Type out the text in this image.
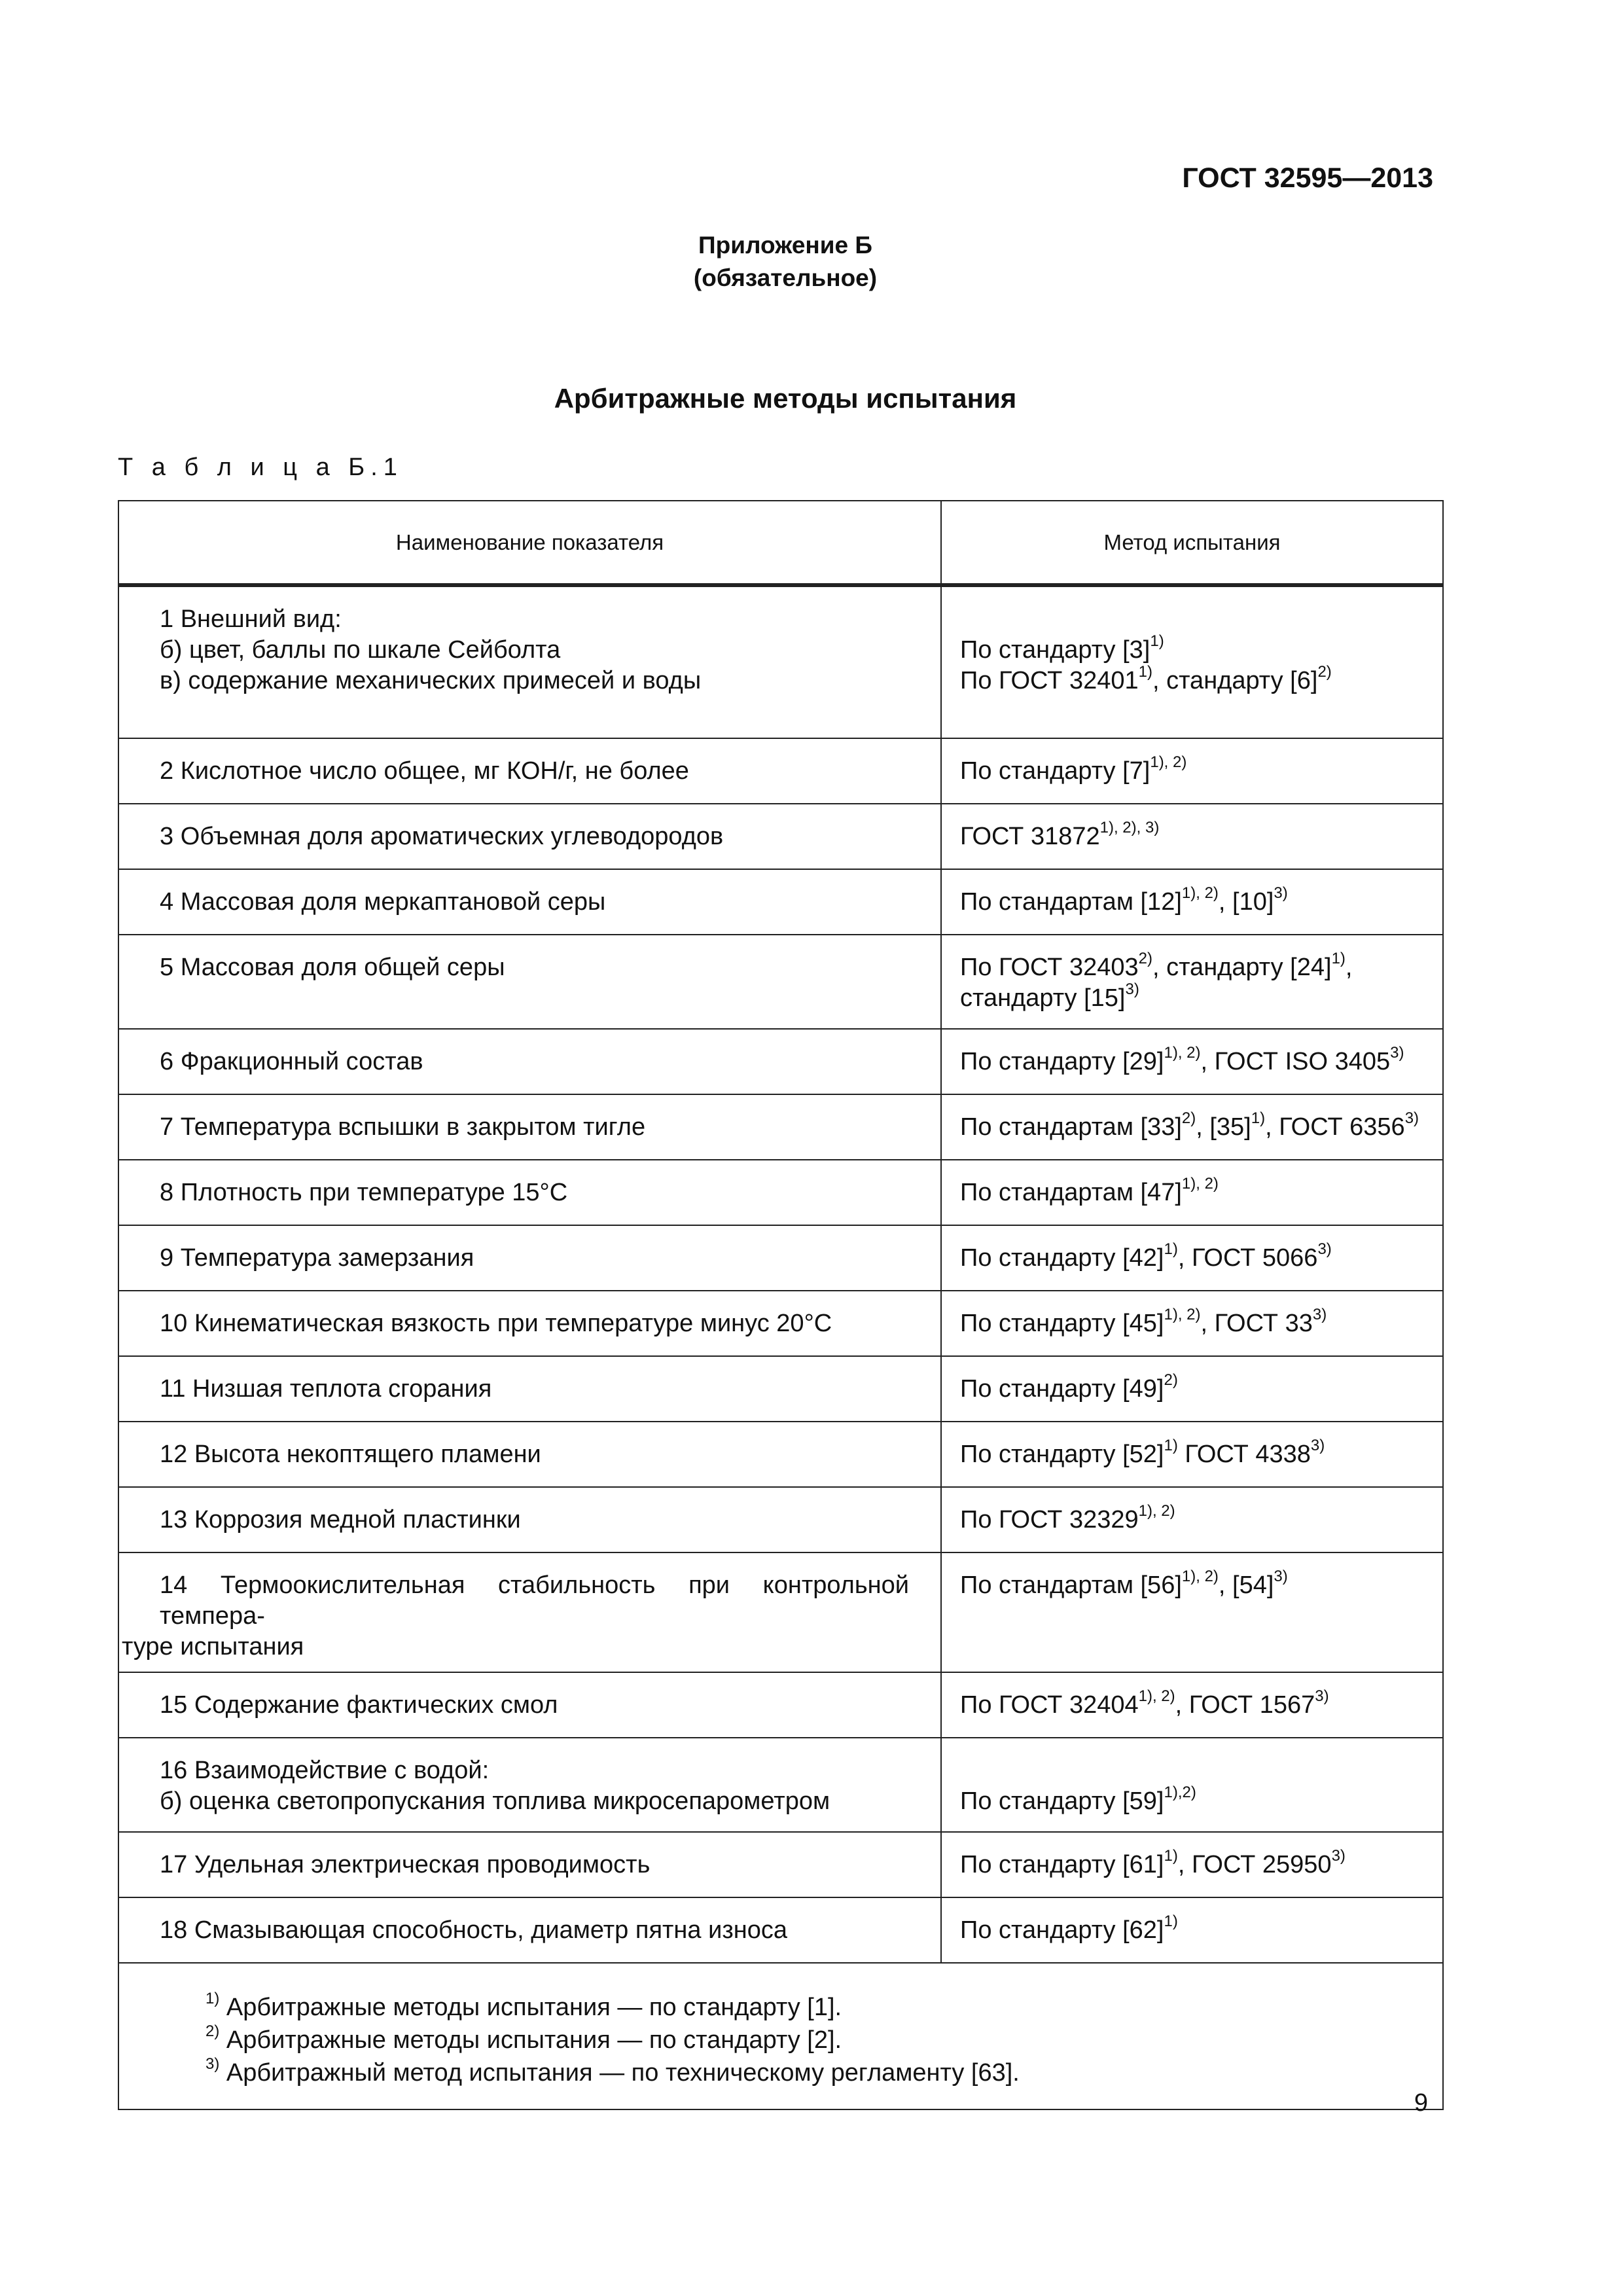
ГОСТ 32595—2013
Приложение Б
(обязательное)
Арбитражные методы испытания
Т а б л и ц а Б.1
Наименование показателя	Метод испытания

1 Внешний вид:
б) цвет, баллы по шкале Сейболта
в) содержание механических примесей и воды	По стандарту $[3]^{1)}$
По ГОСТ 32401$^{1)}$, стандарту $[6]^{2)}$

2 Кислотное число общее, мг КОН/г, не более	По стандарту $[7]^{1), 2)}$
3 Объемная доля ароматических углеводородов	ГОСТ $31872^{1), 2), 3)}$
4 Массовая доля меркаптановой серы	По стандартам $[12]^{1), 2)}$, $[10]^{3)}$
5 Массовая доля общей серы	По ГОСТ 32403$^{2)}$, стандарту $[24]^{1)}$,
стандарту $[15]^{3)}$

6 Фракционный состав	По стандарту $[29]^{1), 2)}$, ГОСТ ISO 3405$^{3)}$
7 Температура вспышки в закрытом тигле	По стандартам $[33]^{2)}$, $[35]^{1)}$, ГОСТ 6356$^{3)}$
8 Плотность при температуре 15°С	По стандартам $[47]^{1), 2)}$
9 Температура замерзания	По стандарту $[42]^{1)}$, ГОСТ 5066$^{3)}$
10 Кинематическая вязкость при температуре минус 20°С	По стандарту $[45]^{1), 2)}$, ГОСТ 33$^{3)}$
11 Низшая теплота сгорания	По стандарту $[49]^{2)}$
12 Высота некоптящего пламени	По стандарту $[52]^{1)}$ ГОСТ 4338$^{3)}$
13 Коррозия медной пластинки	По ГОСТ $32329^{1), 2)}$

14 Термоокислительная стабильность при контрольной темпера-
туре испытания	По стандартам $[56]^{1), 2)}$, $[54]^{3)}$
15 Содержание фактических смол	По ГОСТ $32404^{1), 2)}$, ГОСТ 1567$^{3)}$

16 Взаимодействие с водой:
б) оценка светопропускания топлива микросепарометром	По стандарту $[59]^{1),2)}$

17 Удельная электрическая проводимость	По стандарту $[61]^{1)}$, ГОСТ 25950$^{3)}$
18 Смазывающая способность, диаметр пятна износа	По стандарту $[62]^{1)}$

$^{1)}$ Арбитражные методы испытания — по стандарту [1].
$^{2)}$ Арбитражные методы испытания — по стандарту [2].
$^{3)}$ Арбитражный метод испытания — по техническому регламенту [63].	
9
